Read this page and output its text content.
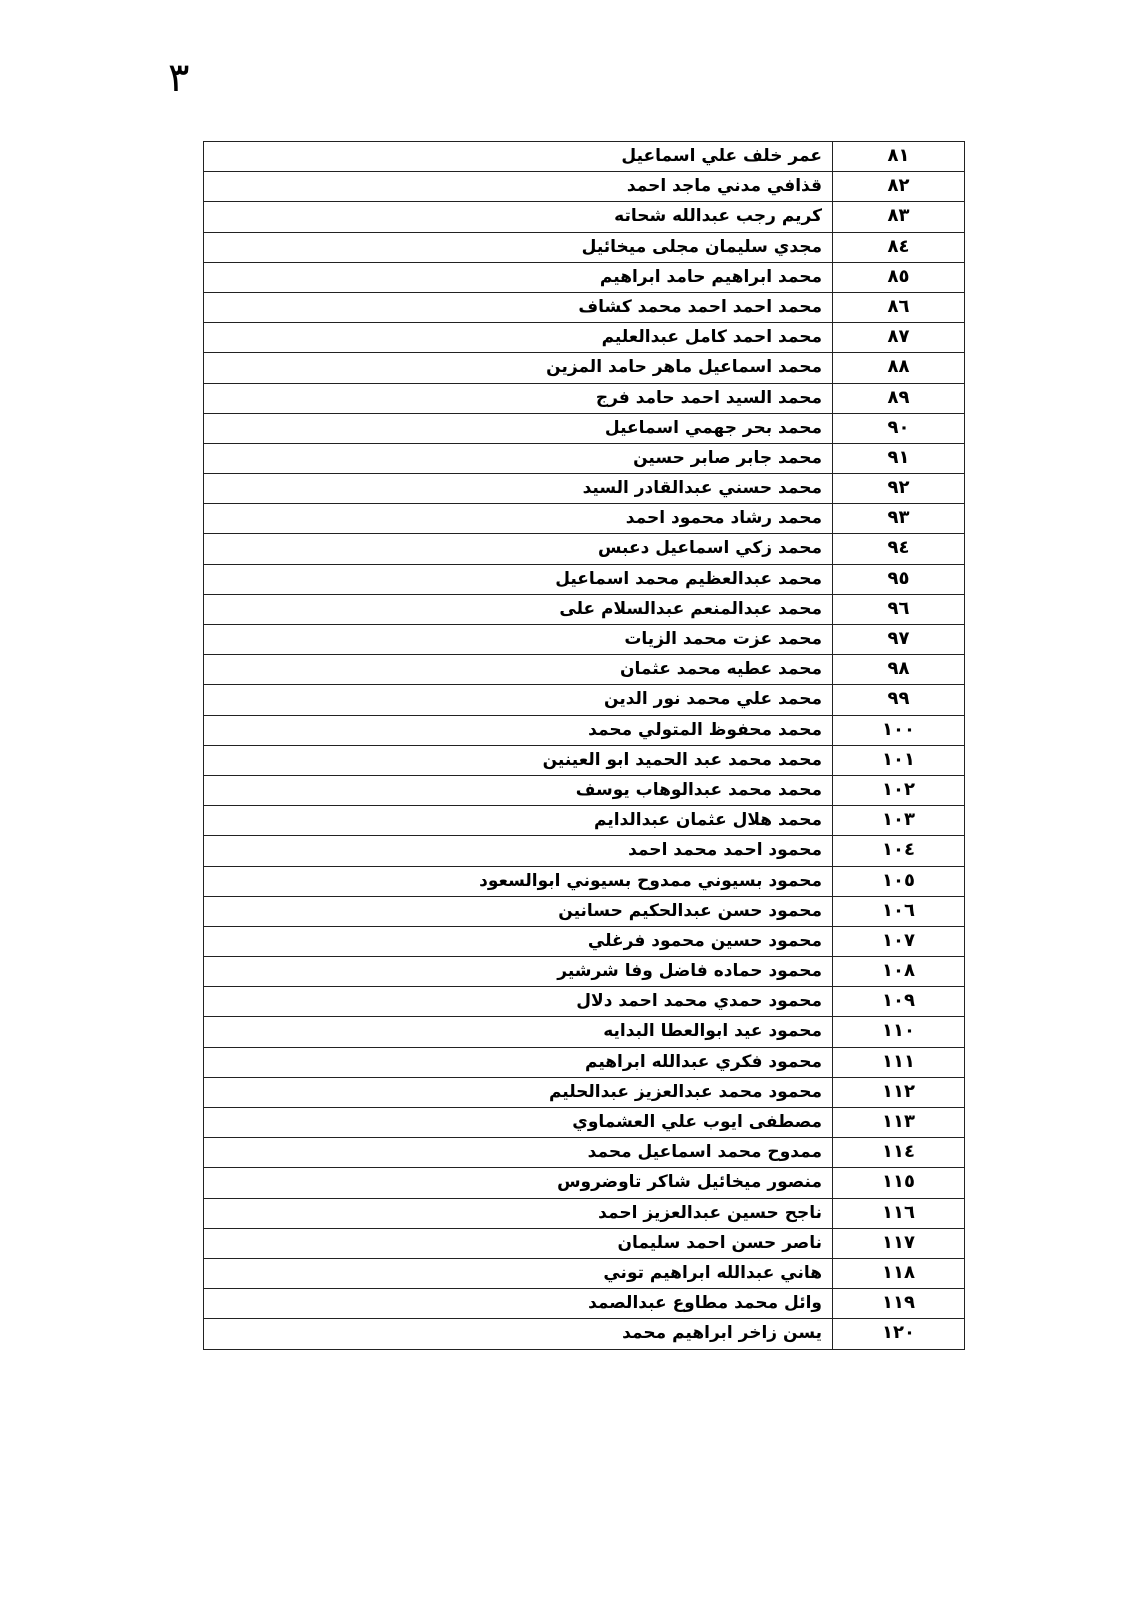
٣
٨١
عمر خلف علي اسماعيل
٨٢
قذافي مدني ماجد احمد
٨٣
كريم رجب عبدالله شحاته
٨٤
مجدي سليمان مجلى ميخائيل
٨٥
محمد ابراهيم حامد ابراهيم
٨٦
محمد احمد احمد محمد كشاف
٨٧
محمد احمد كامل عبدالعليم
٨٨
محمد اسماعيل ماهر حامد المزين
٨٩
محمد السيد احمد حامد فرج
٩٠
محمد بحر جهمي اسماعيل
٩١
محمد جابر صابر حسين
٩٢
محمد حسني عبدالقادر السيد
٩٣
محمد رشاد محمود احمد
٩٤
محمد زكي اسماعيل دعبس
٩٥
محمد عبدالعظيم محمد اسماعيل
٩٦
محمد عبدالمنعم عبدالسلام على
٩٧
محمد عزت محمد الزيات
٩٨
محمد عطيه محمد عثمان
٩٩
محمد علي محمد نور الدين
١٠٠
محمد محفوظ المتولي محمد
١٠١
محمد محمد عبد الحميد ابو العينين
١٠٢
محمد محمد عبدالوهاب يوسف
١٠٣
محمد هلال عثمان عبدالدايم
١٠٤
محمود احمد محمد احمد
١٠٥
محمود بسيوني ممدوح بسيوني ابوالسعود
١٠٦
محمود حسن عبدالحكيم حسانين
١٠٧
محمود حسين محمود فرغلي
١٠٨
محمود حماده فاضل وفا شرشير
١٠٩
محمود حمدي محمد احمد دلال
١١٠
محمود عيد ابوالعطا البدايه
١١١
محمود فكري عبدالله ابراهيم
١١٢
محمود محمد عبدالعزيز عبدالحليم
١١٣
مصطفى ايوب علي العشماوي
١١٤
ممدوح محمد اسماعيل محمد
١١٥
منصور ميخائيل شاكر تاوضروس
١١٦
ناجح حسين عبدالعزيز احمد
١١٧
ناصر حسن احمد سليمان
١١٨
هاني عبدالله ابراهيم توني
١١٩
وائل محمد مطاوع عبدالصمد
١٢٠
يسن زاخر ابراهيم محمد
